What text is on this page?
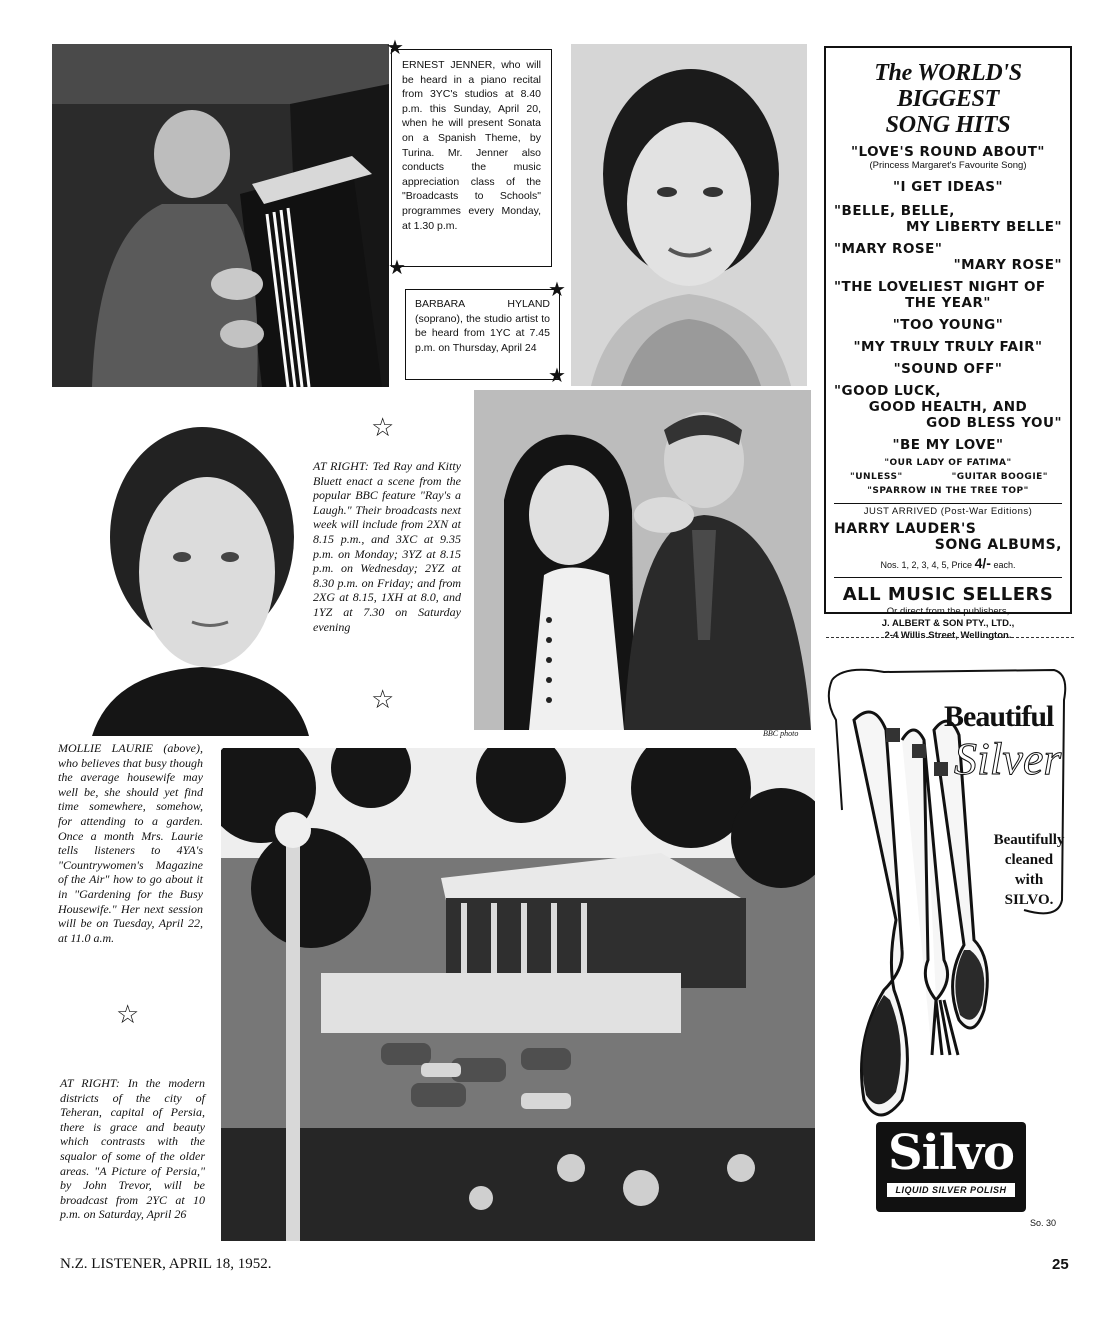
ERNEST JENNER, who will be heard in a piano recital from 3YC's studios at 8.40 p.m. this Sunday, April 20, when he will present Sonata on a Spanish Theme, by Turina. Mr. Jenner also conducts the music appreciation class of the "Broadcasts to Schools" programmes every Monday, at 1.30 p.m.
★
★
BARBARA HYLAND (soprano), the studio artist to be heard from 1YC at 7.45 p.m. on Thursday, April 24
★
★
☆
AT RIGHT: Ted Ray and Kitty Bluett enact a scene from the popular BBC feature "Ray's a Laugh." Their broadcasts next week will include from 2XN at 8.15 p.m., and 3XC at 9.35 p.m. on Monday; 3YZ at 8.15 p.m. on Wednesday; 2YZ at 8.30 p.m. on Friday; and from 2XG at 8.15, 1XH at 8.0, and 1YZ at 7.30 on Saturday evening
☆
BBC photo
MOLLIE LAURIE (above), who believes that busy though the average housewife may well be, she should yet find time somewhere, somehow, for attending to a garden. Once a month Mrs. Laurie tells listeners to 4YA's "Countrywomen's Magazine of the Air" how to go about it in "Gardening for the Busy Housewife." Her next session will be on Tuesday, April 22, at 11.0 a.m.
☆
AT RIGHT: In the modern districts of the city of Teheran, capital of Persia, there is grace and beauty which contrasts with the squalor of some of the older areas. "A Picture of Persia," by John Trevor, will be broadcast from 2YC at 10 p.m. on Saturday, April 26
The WORLD'S BIGGEST
SONG HITS
"LOVE'S ROUND ABOUT"
(Princess Margaret's Favourite Song)
"I GET IDEAS"
"BELLE, BELLE,
MY LIBERTY BELLE"
"MARY ROSE"
"MARY ROSE"
"THE LOVELIEST NIGHT OF
THE YEAR"
"TOO YOUNG"
"MY TRULY TRULY FAIR"
"SOUND OFF"
"GOOD LUCK,
GOOD HEALTH, AND
GOD BLESS YOU"
"BE MY LOVE"
"OUR LADY OF FATIMA"
"UNLESS"	"GUITAR BOOGIE"
"SPARROW IN THE TREE TOP"
JUST ARRIVED (Post-War Editions)
HARRY LAUDER'S
SONG ALBUMS,
Nos. 1, 2, 3, 4, 5, Price 4/- each.
ALL MUSIC SELLERS
Or direct from the publishers,
J. ALBERT & SON PTY., LTD.,
2-4 Willis Street, Wellington.
Beautiful
Silver
Beautifully
cleaned
with
SILVO.
Silvo
LIQUID SILVER POLISH
So. 30
N.Z. LISTENER, APRIL 18, 1952.	25
